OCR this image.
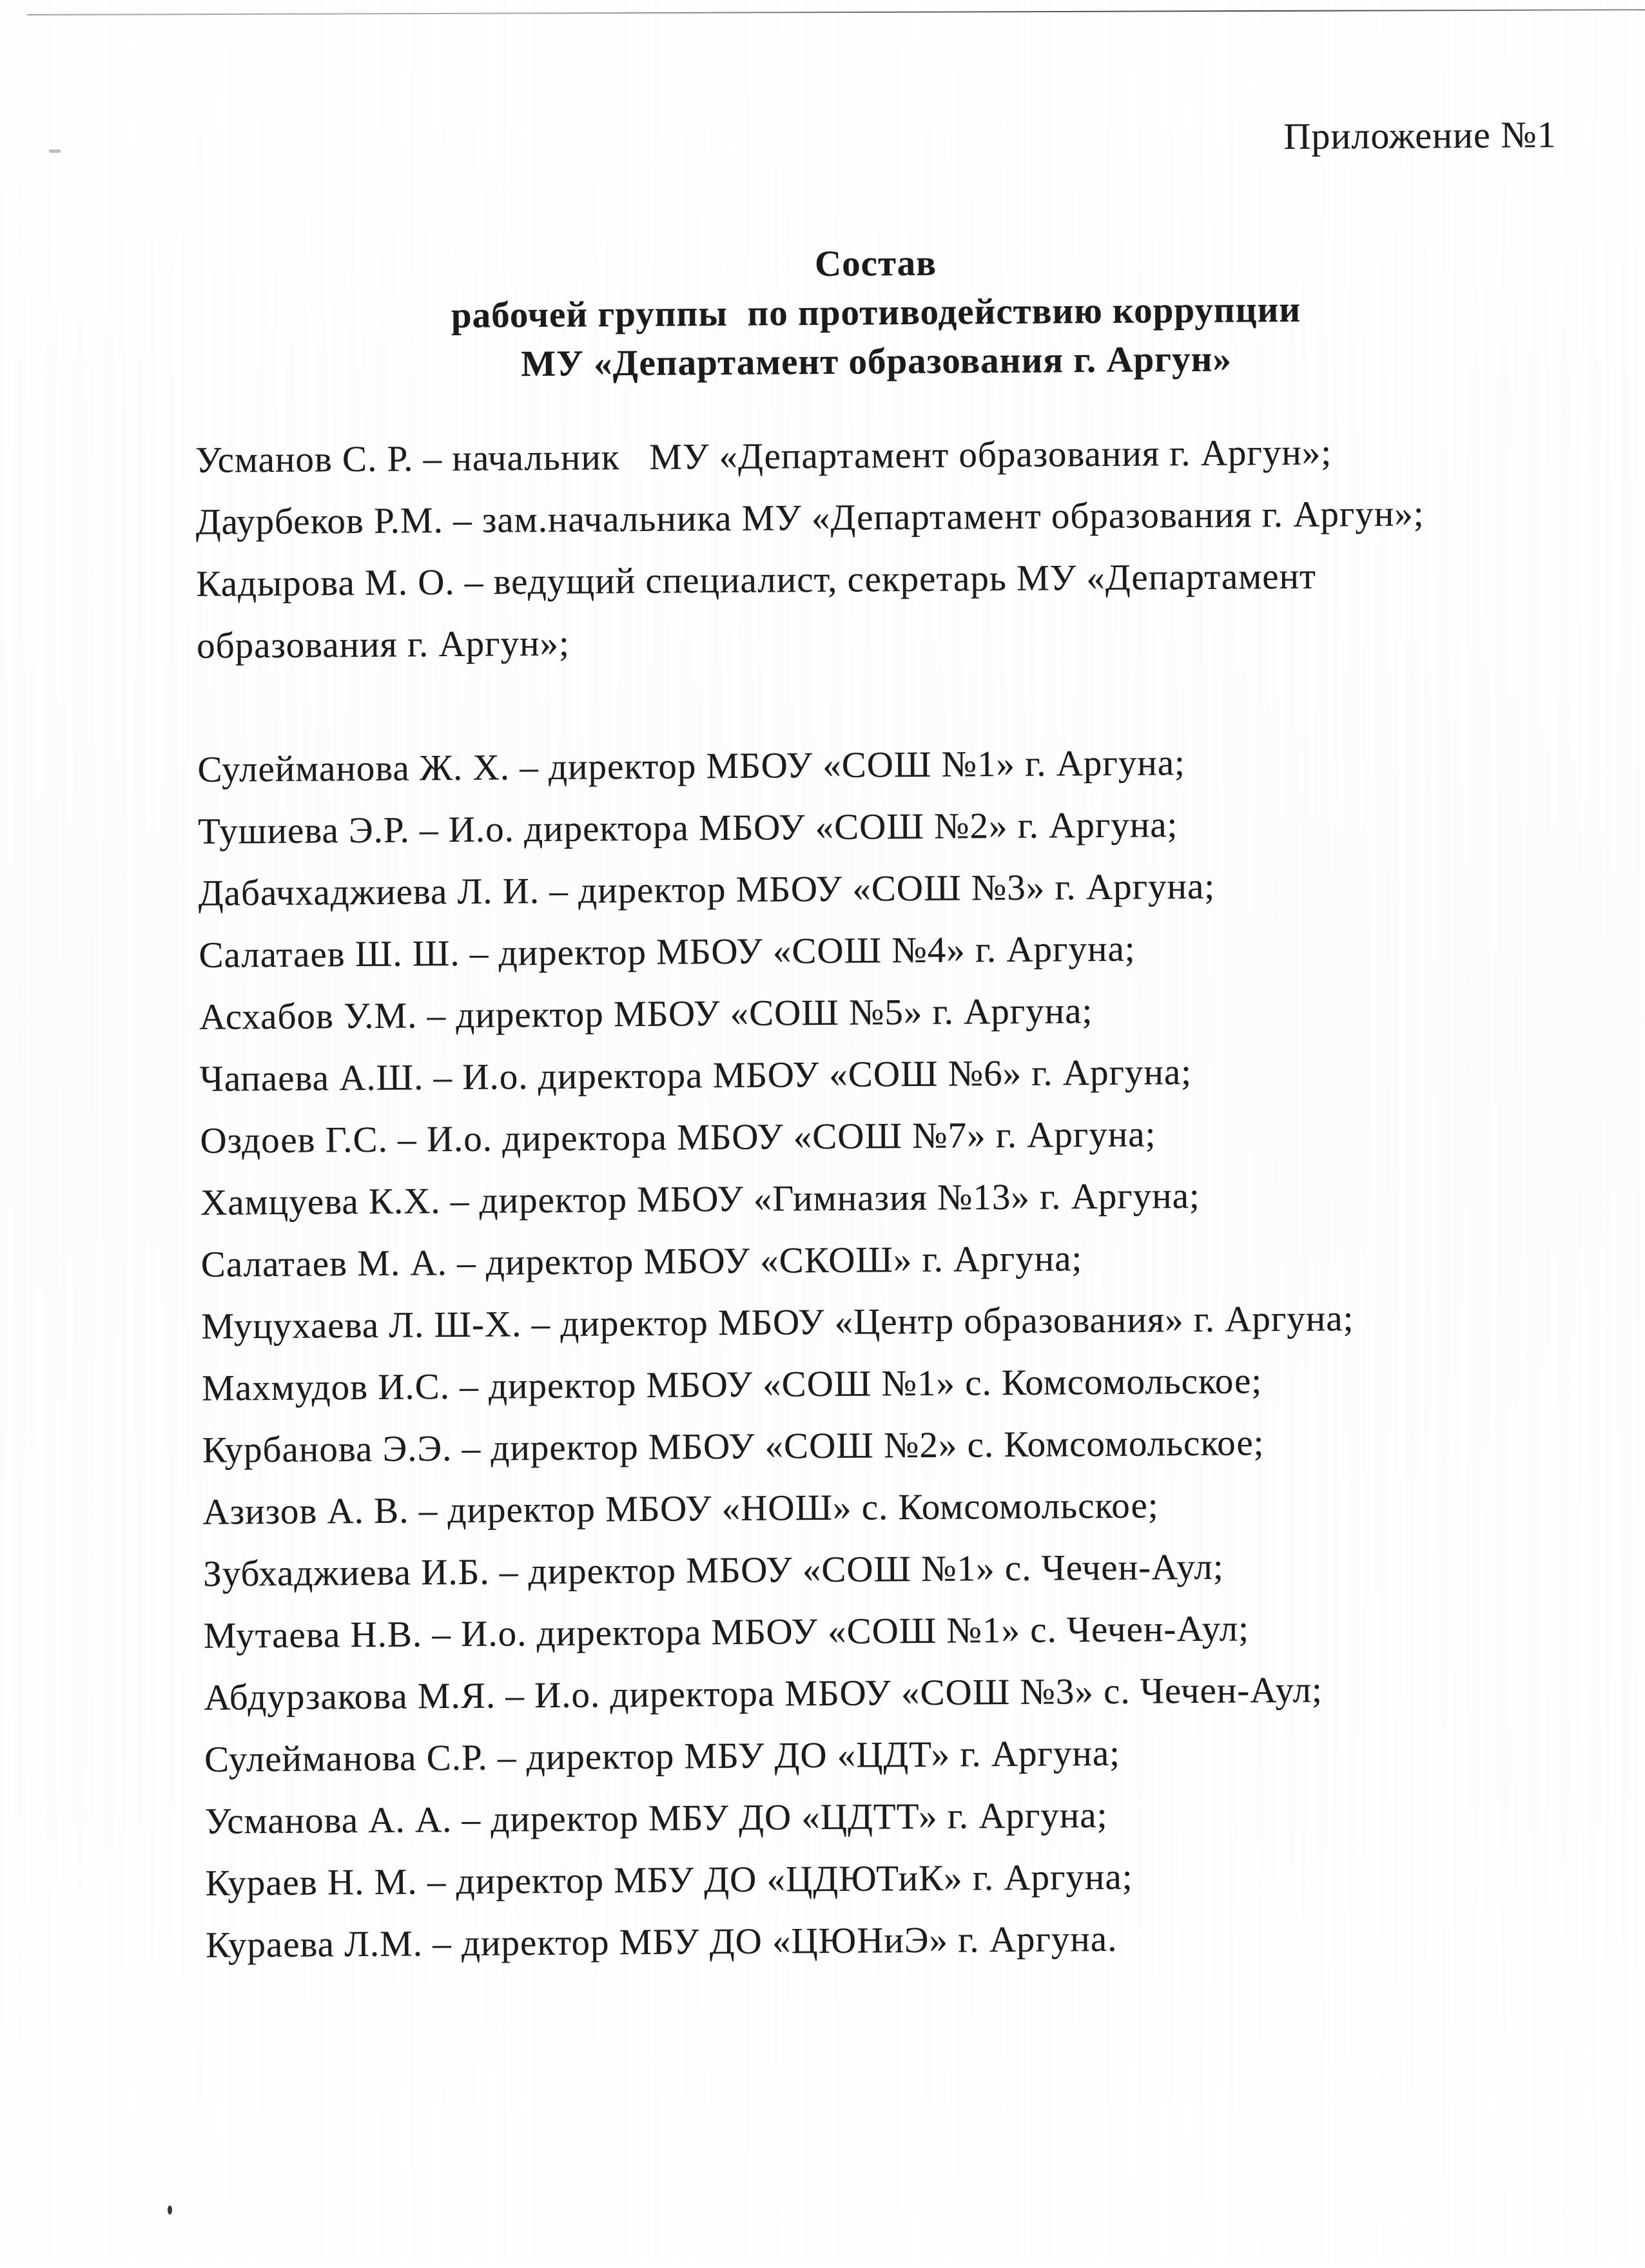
Приложение №1
Состав
рабочей группы  по противодействию коррупции
МУ «Департамент образования г. Аргун»
Усманов С. Р. – начальник   МУ «Департамент образования г. Аргун»;
Даурбеков Р.М. – зам.начальника МУ «Департамент образования г. Аргун»;
Кадырова М. О. – ведущий специалист, секретарь МУ «Департамент
образования г. Аргун»;
Сулейманова Ж. Х. – директор МБОУ «СОШ №1» г. Аргуна;
Тушиева Э.Р. – И.о. директора МБОУ «СОШ №2» г. Аргуна;
Дабачхаджиева Л. И. – директор МБОУ «СОШ №3» г. Аргуна;
Салатаев Ш. Ш. – директор МБОУ «СОШ №4» г. Аргуна;
Асхабов У.М. – директор МБОУ «СОШ №5» г. Аргуна;
Чапаева А.Ш. – И.о. директора МБОУ «СОШ №6» г. Аргуна;
Оздоев Г.С. – И.о. директора МБОУ «СОШ №7» г. Аргуна;
Хамцуева К.Х. – директор МБОУ «Гимназия №13» г. Аргуна;
Салатаев М. А. – директор МБОУ «СКОШ» г. Аргуна;
Муцухаева Л. Ш-Х. – директор МБОУ «Центр образования» г. Аргуна;
Махмудов И.С. – директор МБОУ «СОШ №1» с. Комсомольское;
Курбанова Э.Э. – директор МБОУ «СОШ №2» с. Комсомольское;
Азизов А. В. – директор МБОУ «НОШ» с. Комсомольское;
Зубхаджиева И.Б. – директор МБОУ «СОШ №1» с. Чечен-Аул;
Мутаева Н.В. – И.о. директора МБОУ «СОШ №1» с. Чечен-Аул;
Абдурзакова М.Я. – И.о. директора МБОУ «СОШ №3» с. Чечен-Аул;
Сулейманова С.Р. – директор МБУ ДО «ЦДТ» г. Аргуна;
Усманова А. А. – директор МБУ ДО «ЦДТТ» г. Аргуна;
Кураев Н. М. – директор МБУ ДО «ЦДЮТиК» г. Аргуна;
Кураева Л.М. – директор МБУ ДО «ЦЮНиЭ» г. Аргуна.
